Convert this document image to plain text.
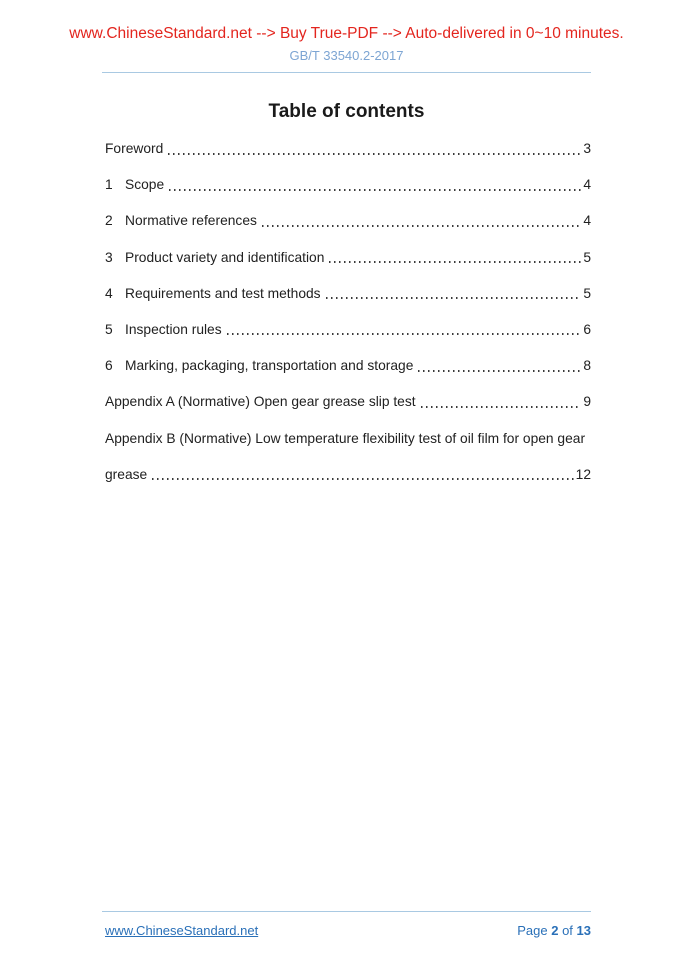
www.ChineseStandard.net --> Buy True-PDF --> Auto-delivered in 0~10 minutes.
GB/T 33540.2-2017
Table of contents
Foreword	3
1 Scope	4
2 Normative references	4
3 Product variety and identification	5
4 Requirements and test methods	5
5 Inspection rules	6
6 Marking, packaging, transportation and storage	8
Appendix A (Normative) Open gear grease slip test	9
Appendix B (Normative) Low temperature flexibility test of oil film for open gear
grease	12
www.ChineseStandard.net	Page 2 of 13
